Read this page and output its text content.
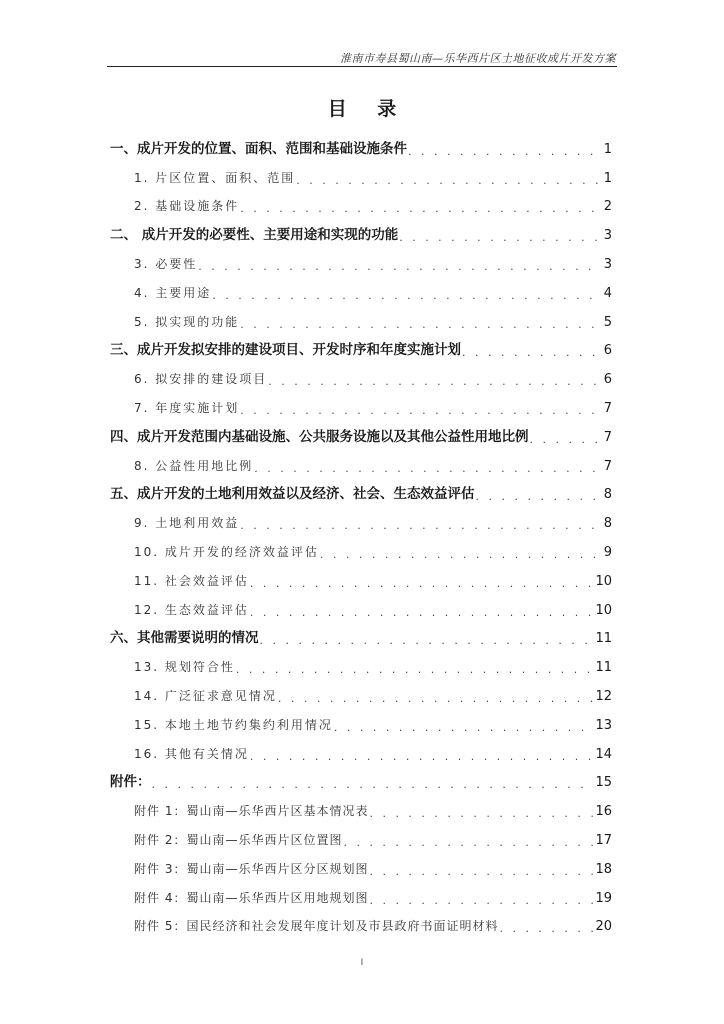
淮南市寿县蜀山南—乐华西片区土地征收成片开发方案
目 录
一、成片开发的位置、面积、范围和基础设施条件 . . .	1
1. 片区位置、面积、范围 . . .	1
2. 基础设施条件 . . .	2
二、 成片开发的必要性、主要用途和实现的功能 . . .	3
3. 必要性 . . .	3
4. 主要用途 . . .	4
5. 拟实现的功能 . . .	5
三、成片开发拟安排的建设项目、开发时序和年度实施计划 . . .	6
6. 拟安排的建设项目 . . .	6
7. 年度实施计划 . . .	7
四、成片开发范围内基础设施、公共服务设施以及其他公益性用地比例 . . .	7
8. 公益性用地比例 . . .	7
五、成片开发的土地利用效益以及经济、社会、生态效益评估 . . .	8
9. 土地利用效益 . . .	8
10. 成片开发的经济效益评估 . . .	9
11. 社会效益评估 . . .	10
12. 生态效益评估 . . .	10
六、其他需要说明的情况 . . .	11
13. 规划符合性 . . .	11
14. 广泛征求意见情况 . . .	12
15. 本地土地节约集约利用情况 . . .	13
16. 其他有关情况 . . .	14
附件： . . .	15
附件 1：蜀山南—乐华西片区基本情况表 . . .	16
附件 2：蜀山南—乐华西片区位置图 . . .	17
附件 3：蜀山南—乐华西片区分区规划图 . . .	18
附件 4：蜀山南—乐华西片区用地规划图 . . .	19
附件 5：国民经济和社会发展年度计划及市县政府书面证明材料 . . .	20
I
